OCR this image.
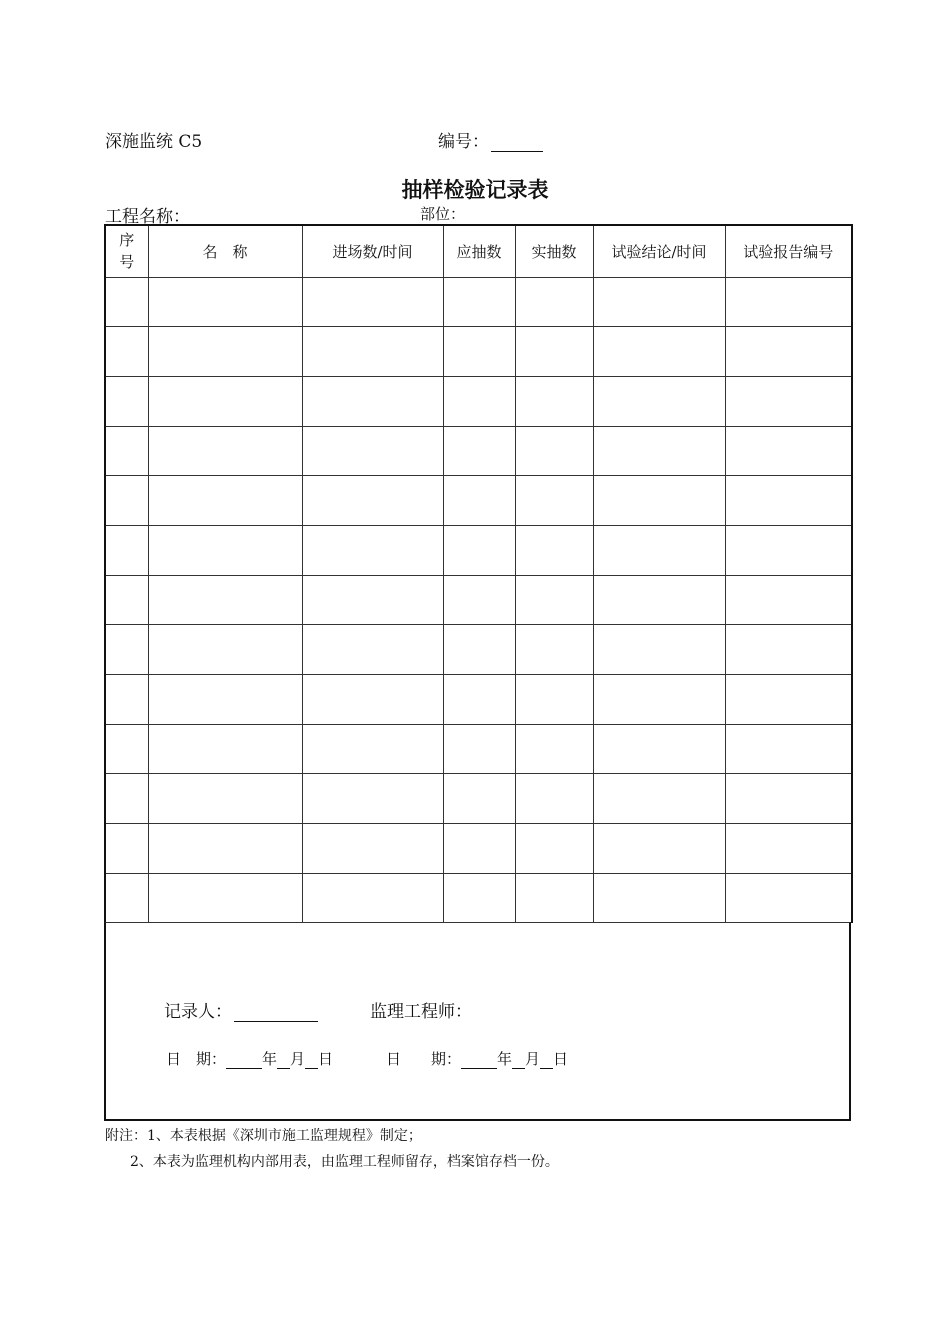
深施监统 C5	编号：
抽样检验记录表
工程名称：	部位：
序
号	名　称	进场数/时间	应抽数	实抽数	试验结论/时间	试验报告编号

记录人：	监理工程师：
日　期： 年 月 日	日　　期： 年 月 日
附注：1、本表根据《深圳市施工监理规程》制定；
2、本表为监理机构内部用表，由监理工程师留存，档案馆存档一份。
